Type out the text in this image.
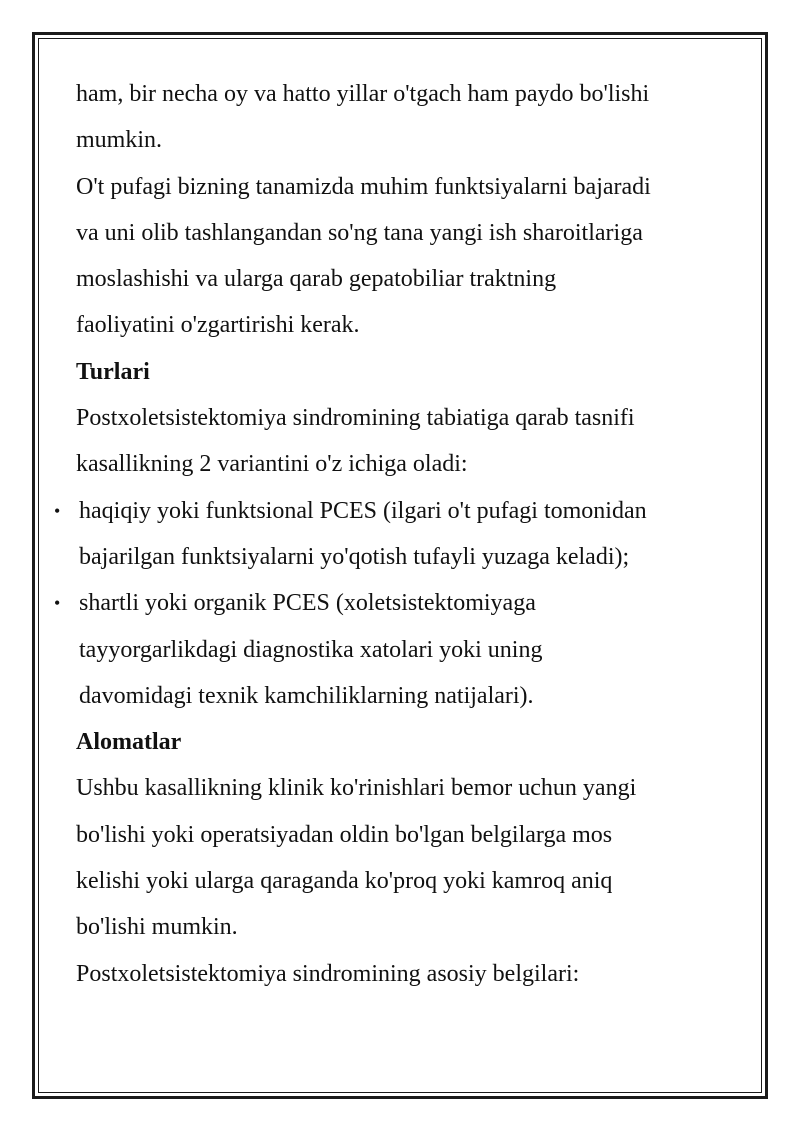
ham, bir necha oy va hatto yillar o'tgach ham paydo bo'lishi
mumkin.
O't pufagi bizning tanamizda muhim funktsiyalarni bajaradi
va uni olib tashlangandan so'ng tana yangi ish sharoitlariga
moslashishi va ularga qarab gepatobiliar traktning
faoliyatini o'zgartirishi kerak.
Turlari
Postxoletsistektomiya sindromining tabiatiga qarab tasnifi
kasallikning 2 variantini o'z ichiga oladi:
• haqiqiy yoki funktsional PCES (ilgari o't pufagi tomonidan
bajarilgan funktsiyalarni yo'qotish tufayli yuzaga keladi);
• shartli yoki organik PCES (xoletsistektomiyaga
tayyorgarlikdagi diagnostika xatolari yoki uning
davomidagi texnik kamchiliklarning natijalari).
Alomatlar
Ushbu kasallikning klinik ko'rinishlari bemor uchun yangi
bo'lishi yoki operatsiyadan oldin bo'lgan belgilarga mos
kelishi yoki ularga qaraganda ko'proq yoki kamroq aniq
bo'lishi mumkin.
Postxoletsistektomiya sindromining asosiy belgilari:
